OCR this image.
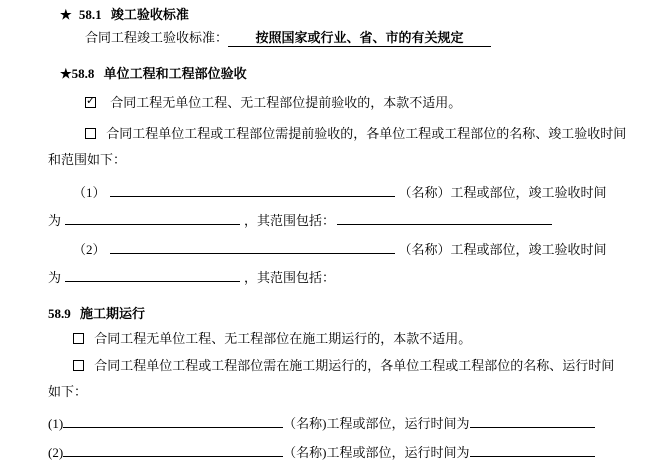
★ 58.1 竣工验收标准
合同工程竣工验收标准： 按照国家或行业、省、市的有关规定
★58.8 单位工程和工程部位验收
✓ 合同工程无单位工程、无工程部位提前验收的，本款不适用。
合同工程单位工程或工程部位需提前验收的，各单位工程或工程部位的名称、竣工验收时间
和范围如下：
（1）	（名称）工程或部位，竣工验收时间
为	，其范围包括：
（2）	（名称）工程或部位，竣工验收时间
为	，其范围包括：
58.9 施工期运行
合同工程无单位工程、无工程部位在施工期运行的，本款不适用。
合同工程单位工程或工程部位需在施工期运行的，各单位工程或工程部位的名称、运行时间
如下：
(1)	（名称)工程或部位，运行时间为
(2)	（名称)工程或部位，运行时间为
